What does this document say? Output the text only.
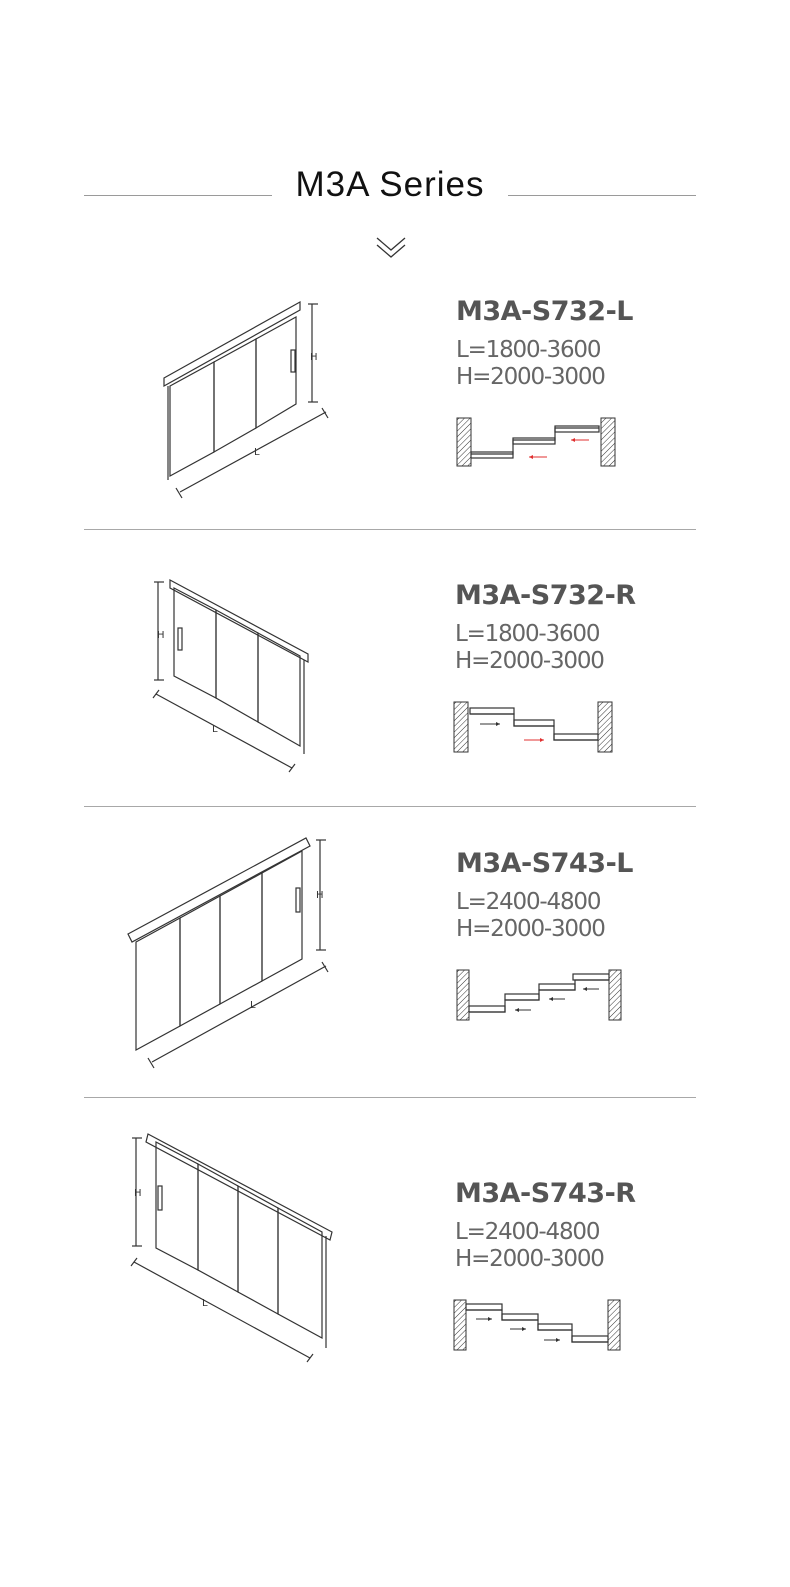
M3A Series
H
L
M3A-S732-L
L=1800-3600
H=2000-3000
H
L
M3A-S732-R
L=1800-3600
H=2000-3000
H
L
M3A-S743-L
L=2400-4800
H=2000-3000
H
L
M3A-S743-R
L=2400-4800
H=2000-3000
